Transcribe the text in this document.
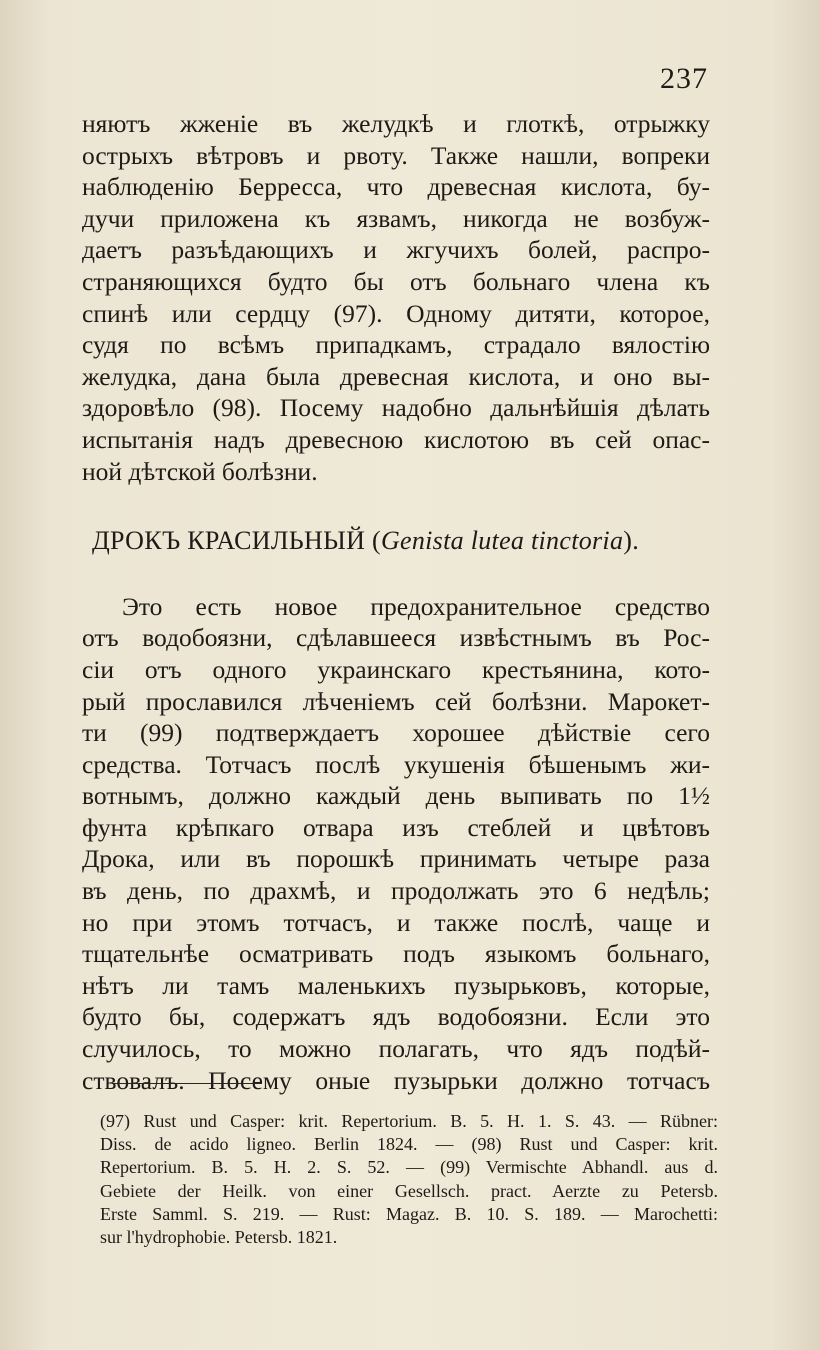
237
няютъ жженіе въ желудкѣ и глоткѣ, отрыжку
острыхъ вѣтровъ и рвоту. Также нашли, вопреки
наблюденію Берресса, что древесная кислота, бу-
дучи приложена къ язвамъ, никогда не возбуж-
даетъ разъѣдающихъ и жгучихъ болей, распро-
страняющихся будто бы отъ больнаго члена къ
спинѣ или сердцу (97). Одному дитяти, которое,
судя по всѣмъ припадкамъ, страдало вялостію
желудка, дана была древесная кислота, и оно вы-
здоровѣло (98). Посему надобно дальнѣйшія дѣлать
испытанія надъ древесною кислотою въ сей опас-
ной дѣтской болѣзни.
ДРОКЪ КРАСИЛЬНЫЙ (Genista lutea tinctoria).
Это есть новое предохранительное средство
отъ водобоязни, сдѣлавшееся извѣстнымъ въ Рос-
сіи отъ одного украинскаго крестьянина, кото-
рый прославился лѣченіемъ сей болѣзни. Марокет-
ти (99) подтверждаетъ хорошее дѣйствіе сего
средства. Тотчасъ послѣ укушенія бѣшенымъ жи-
вотнымъ, должно каждый день выпивать по 1½
фунта крѣпкаго отвара изъ стеблей и цвѣтовъ
Дрока, или въ порошкѣ принимать четыре раза
въ день, по драхмѣ, и продолжать это 6 недѣль;
но при этомъ тотчасъ, и также послѣ, чаще и
тщательнѣе осматривать подъ языкомъ больнаго,
нѣтъ ли тамъ маленькихъ пузырьковъ, которые,
будто бы, содержатъ ядъ водобоязни. Если это
случилось, то можно полагать, что ядъ подѣй-
ствовалъ. Посему оные пузырьки должно тотчасъ
(97) Rust und Casper: krit. Repertorium. B. 5. H. 1. S. 43. — Rübner:
Diss. de acido ligneo. Berlin 1824. — (98) Rust und Casper: krit.
Repertorium. B. 5. H. 2. S. 52. — (99) Vermischte Abhandl. aus d.
Gebiete der Heilk. von einer Gesellsch. pract. Aerzte zu Petersb.
Erste Samml. S. 219. — Rust: Magaz. B. 10. S. 189. — Marochetti:
sur l'hydrophobie. Petersb. 1821.
